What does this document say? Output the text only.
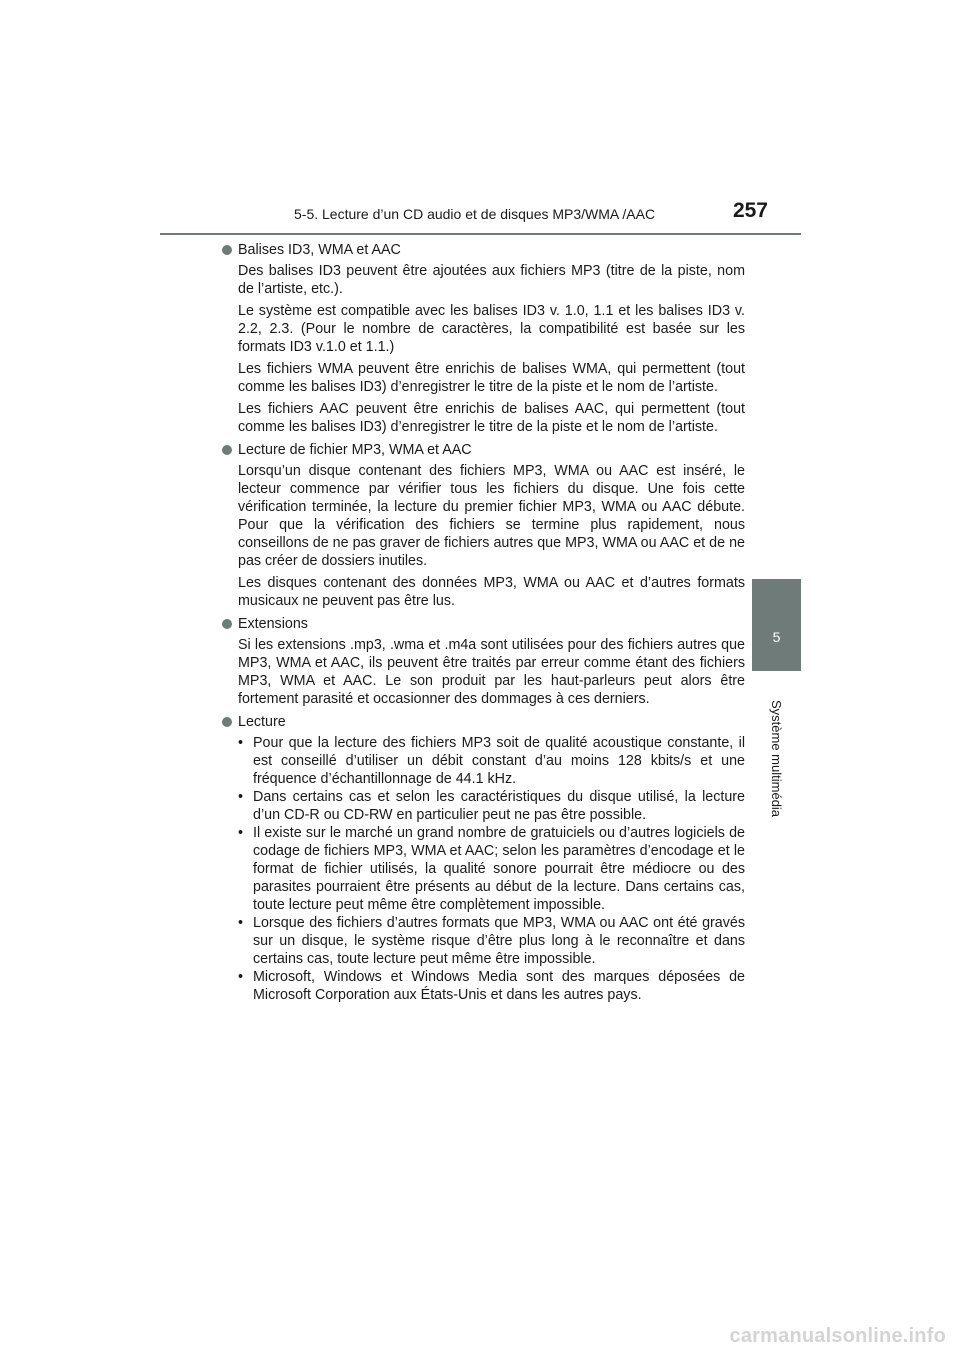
5-5. Lecture d’un CD audio et de disques MP3/WMA /AAC	257
5
Système multimédia
Balises ID3, WMA et AAC

Des balises ID3 peuvent être ajoutées aux fichiers MP3 (titre de la piste, nom de l’artiste, etc.).

Le système est compatible avec les balises ID3 v. 1.0, 1.1 et les balises ID3 v. 2.2, 2.3. (Pour le nombre de caractères, la compatibilité est basée sur les formats ID3 v.1.0 et 1.1.)

Les fichiers WMA peuvent être enrichis de balises WMA, qui permettent (tout comme les balises ID3) d’enregistrer le titre de la piste et le nom de l’artiste.

Les fichiers AAC peuvent être enrichis de balises AAC, qui permettent (tout comme les balises ID3) d’enregistrer le titre de la piste et le nom de l’artiste.

Lecture de fichier MP3, WMA et AAC

Lorsqu’un disque contenant des fichiers MP3, WMA ou AAC est inséré, le lecteur commence par vérifier tous les fichiers du disque. Une fois cette vérification terminée, la lecture du premier fichier MP3, WMA ou AAC débute. Pour que la vérification des fichiers se termine plus rapidement, nous conseillons de ne pas graver de fichiers autres que MP3, WMA ou AAC et de ne pas créer de dossiers inutiles.

Les disques contenant des données MP3, WMA ou AAC et d’autres formats musicaux ne peuvent pas être lus.

Extensions

Si les extensions .mp3, .wma et .m4a sont utilisées pour des fichiers autres que MP3, WMA et AAC, ils peuvent être traités par erreur comme étant des fichiers MP3, WMA et AAC. Le son produit par les haut-parleurs peut alors être fortement parasité et occasionner des dommages à ces derniers.

Lecture
• Pour que la lecture des fichiers MP3 soit de qualité acoustique constante, il est conseillé d’utiliser un débit constant d’au moins 128 kbits/s et une fréquence d’échantillonnage de 44.1 kHz.
• Dans certains cas et selon les caractéristiques du disque utilisé, la lecture d’un CD-R ou CD-RW en particulier peut ne pas être possible.
• Il existe sur le marché un grand nombre de gratuiciels ou d’autres logiciels de codage de fichiers MP3, WMA et AAC; selon les paramètres d’encodage et le format de fichier utilisés, la qualité sonore pourrait être médiocre ou des parasites pourraient être présents au début de la lecture. Dans certains cas, toute lecture peut même être complètement impossible.
• Lorsque des fichiers d’autres formats que MP3, WMA ou AAC ont été gravés sur un disque, le système risque d’être plus long à le reconnaître et dans certains cas, toute lecture peut même être impossible.
• Microsoft, Windows et Windows Media sont des marques déposées de Microsoft Corporation aux États-Unis et dans les autres pays.
carmanualsonline.info
